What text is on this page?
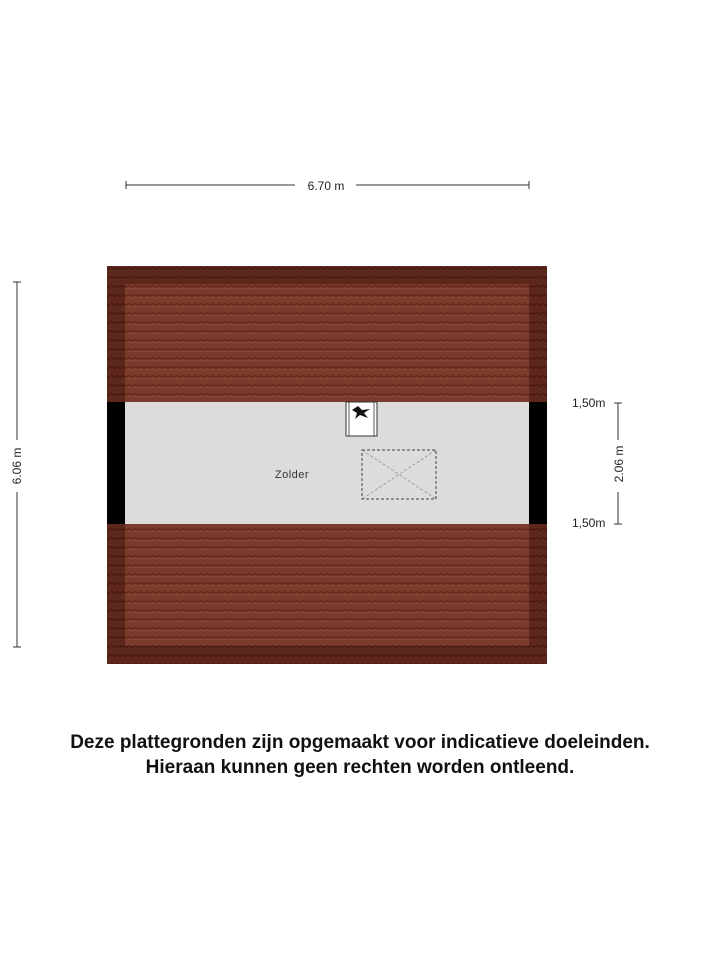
6.70 m
6.06 m	Zolder	2.06 m
1,50m
1,50m
Deze plattegronden zijn opgemaakt voor indicatieve doeleinden.
Hieraan kunnen geen rechten worden ontleend.
